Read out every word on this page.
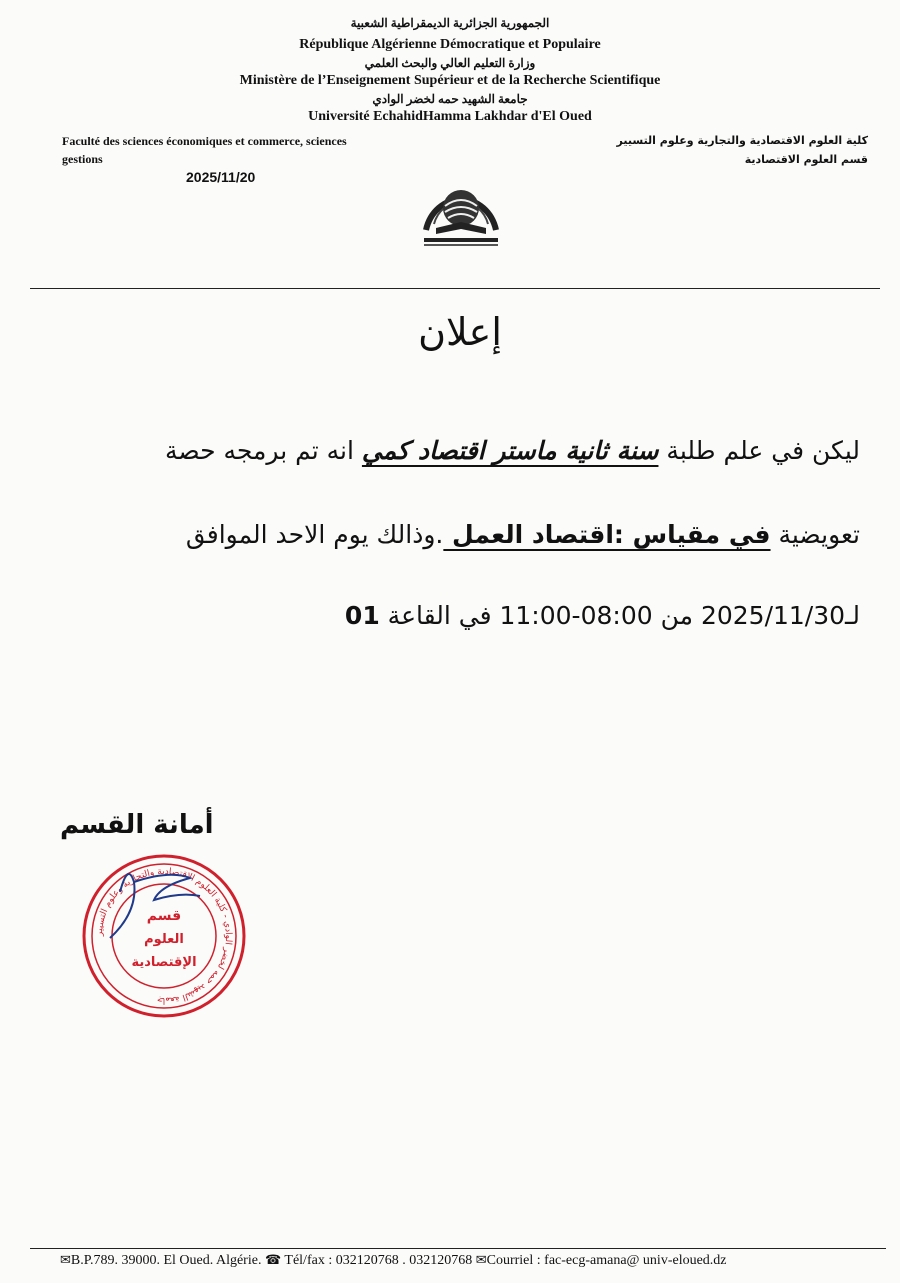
الجمهورية الجزائرية الديمقراطية الشعبية
République Algérienne Démocratique et Populaire
وزارة التعليم العالي والبحث العلمي
Ministère de l’Enseignement Supérieur et de la Recherche Scientifique
جامعة الشهيد حمه لخضر الوادي
Université EchahidHamma Lakhdar d'El Oued
Faculté des sciences économiques et commerce, sciences
gestions
كلية العلوم الاقتصادية والتجارية وعلوم التسيير
قسم العلوم الاقتصادية
2025/11/20
إعلان
ليكن في علم طلبة سنة ثانية ماستر اقتصاد كمي انه تم برمجه حصة
تعويضية في مقياس :اقتصاد العمل .وذالك يوم الاحد الموافق
لـ2025/11/30 من 08:00-11:00 في القاعة 01
أمانة القسم
جامعة الشهيد حمه لخضر الوادي - كلية العلوم الاقتصادية والتجارية وعلوم التسيير
قسم
العلوم
الإقتصادية
✉B.P.789. 39000. El Oued. Algérie. ☎ Tél/fax : 032120768 . 032120768 ✉Courriel : fac-ecg-amana@ univ-eloued.dz
